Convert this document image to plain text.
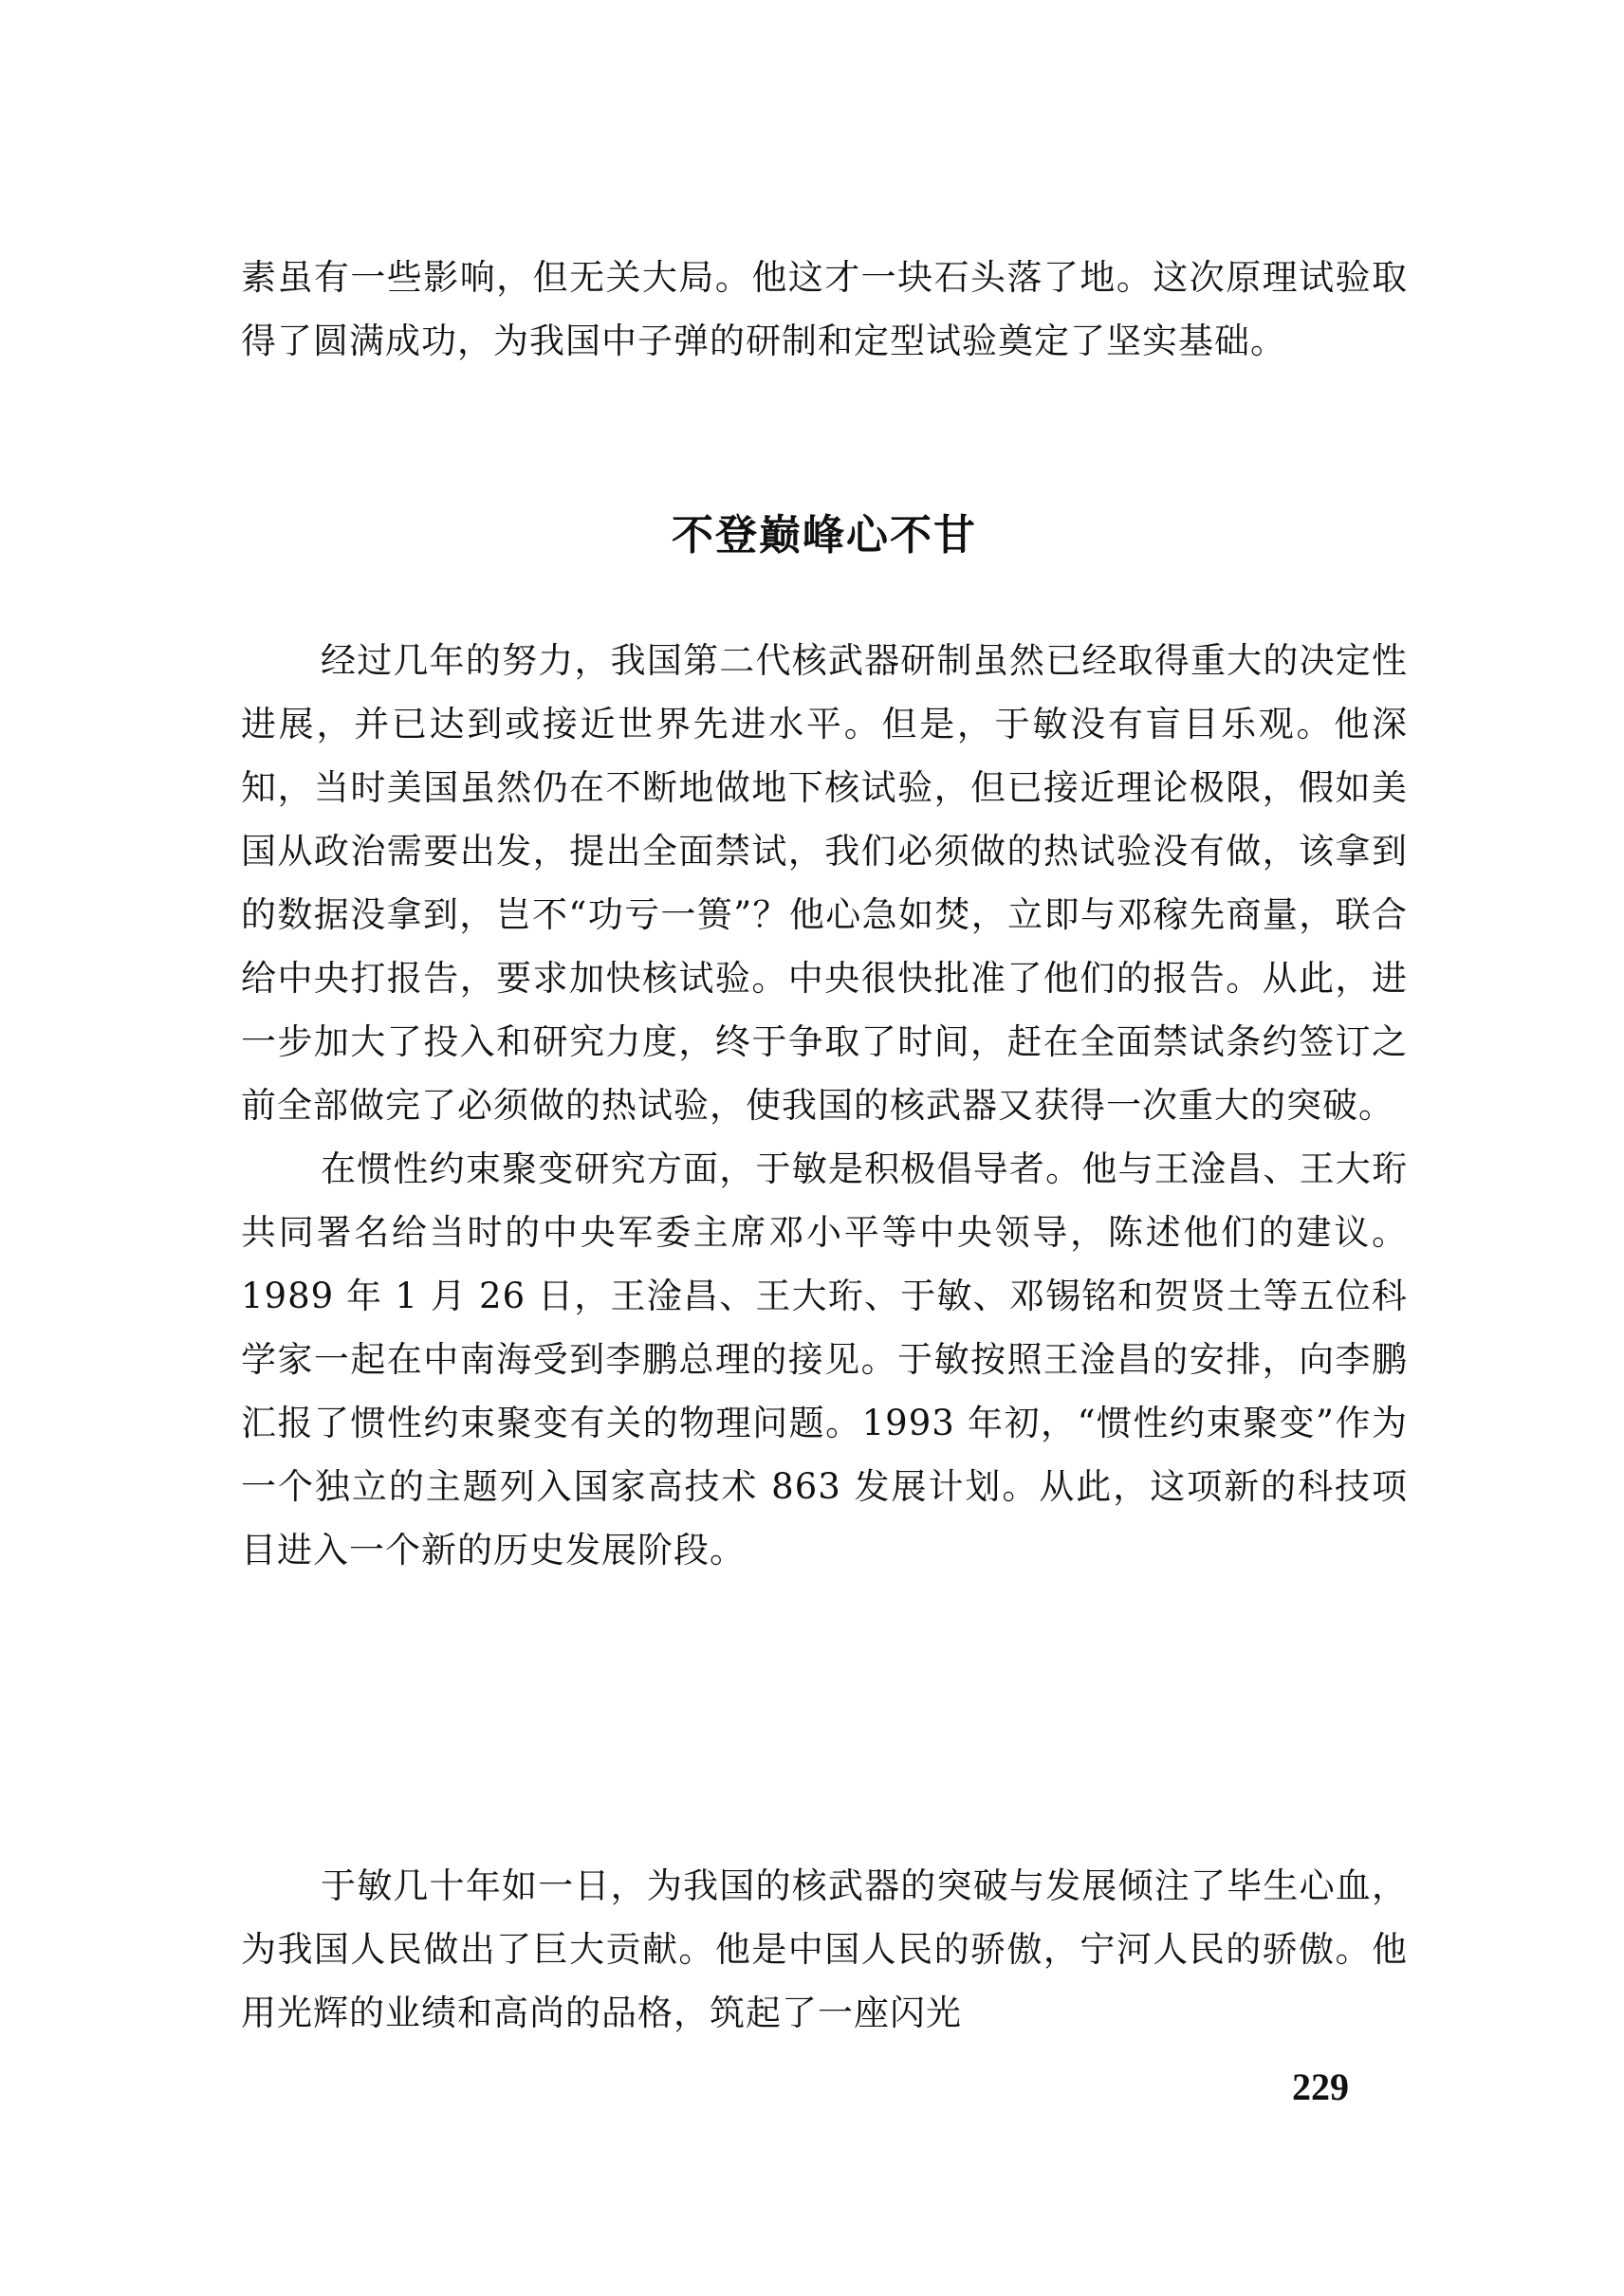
素虽有一些影响，但无关大局。他这才一块石头落了地。这次原理试验取得了圆满成功，为我国中子弹的研制和定型试验奠定了坚实基础。

不登巅峰心不甘

经过几年的努力，我国第二代核武器研制虽然已经取得重大的决定性进展，并已达到或接近世界先进水平。但是，于敏没有盲目乐观。他深知，当时美国虽然仍在不断地做地下核试验，但已接近理论极限，假如美国从政治需要出发，提出全面禁试，我们必须做的热试验没有做，该拿到的数据没拿到，岂不“功亏一篑”？他心急如焚，立即与邓稼先商量，联合给中央打报告，要求加快核试验。中央很快批准了他们的报告。从此，进一步加大了投入和研究力度，终于争取了时间，赶在全面禁试条约签订之前全部做完了必须做的热试验，使我国的核武器又获得一次重大的突破。

在惯性约束聚变研究方面，于敏是积极倡导者。他与王淦昌、王大珩共同署名给当时的中央军委主席邓小平等中央领导，陈述他们的建议。1989 年 1 月 26 日，王淦昌、王大珩、于敏、邓锡铭和贺贤土等五位科学家一起在中南海受到李鹏总理的接见。于敏按照王淦昌的安排，向李鹏汇报了惯性约束聚变有关的物理问题。1993 年初，“惯性约束聚变”作为一个独立的主题列入国家高技术 863 发展计划。从此，这项新的科技项目进入一个新的历史发展阶段。

于敏几十年如一日，为我国的核武器的突破与发展倾注了毕生心血，为我国人民做出了巨大贡献。他是中国人民的骄傲，宁河人民的骄傲。他用光辉的业绩和高尚的品格，筑起了一座闪光

229
